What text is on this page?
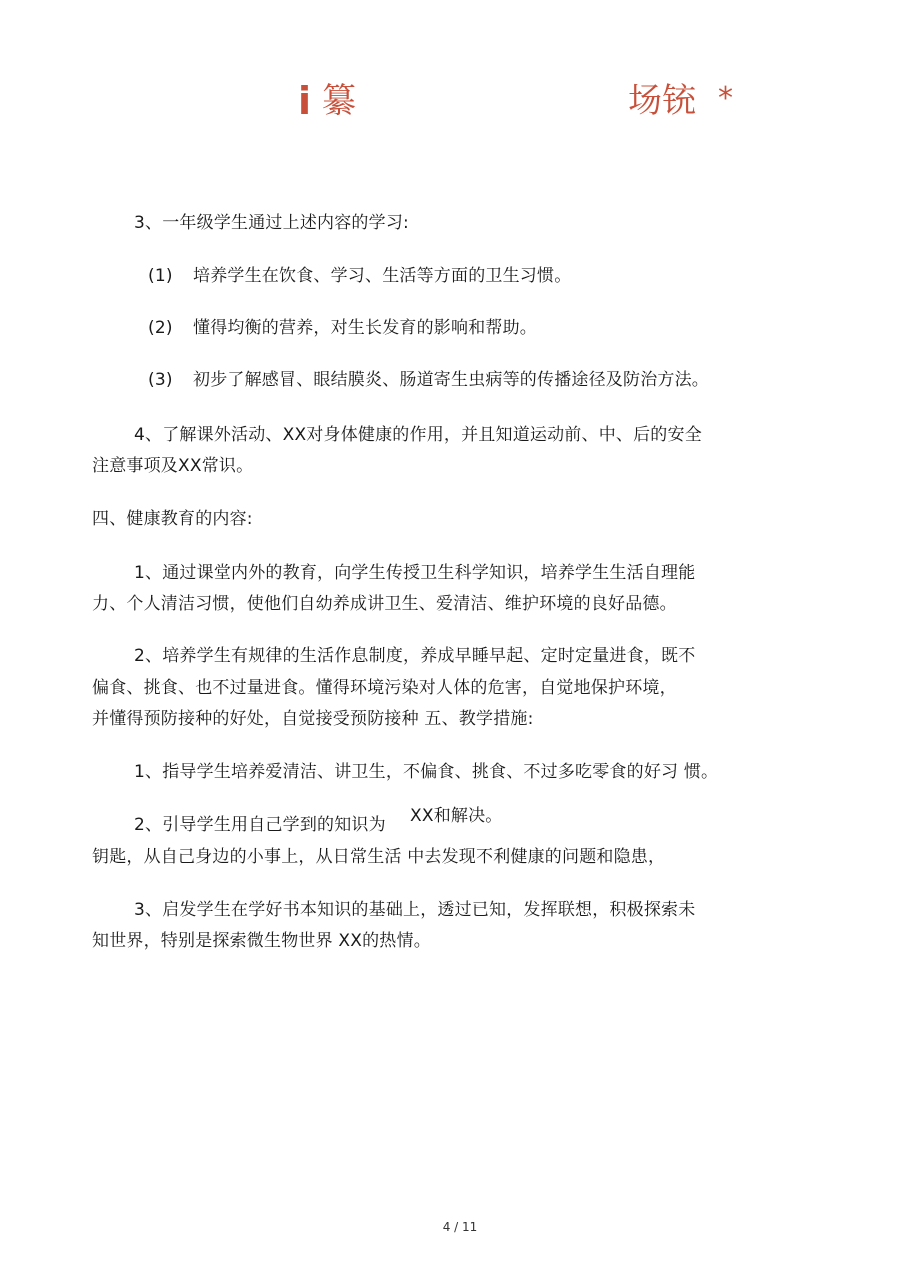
i 纂	场铳 *
3、一年级学生通过上述内容的学习:
(1) 培养学生在饮食、学习、生活等方面的卫生习惯。
(2) 懂得均衡的营养，对生长发育的影响和帮助。
(3) 初步了解感冒、眼结膜炎、肠道寄生虫病等的传播途径及防治方法。
4、了解课外活动、XX对身体健康的作用，并且知道运动前、中、后的安全
注意事项及XX常识。
四、健康教育的内容:
1、通过课堂内外的教育，向学生传授卫生科学知识，培养学生生活自理能
力、个人清洁习惯，使他们自幼养成讲卫生、爱清洁、维护环境的良好品德。
2、培养学生有规律的生活作息制度，养成早睡早起、定时定量进食，既不
偏食、挑食、也不过量进食。懂得环境污染对人体的危害，自觉地保护环境，
并懂得预防接种的好处，自觉接受预防接种 五、教学措施:
1、指导学生培养爱清洁、讲卫生，不偏食、挑食、不过多吃零食的好习 惯。
2、引导学生用自己学到的知识为 XX和解决。
钥匙，从自己身边的小事上，从日常生活 中去发现不利健康的问题和隐患，
3、启发学生在学好书本知识的基础上，透过已知，发挥联想，积极探索未
知世界，特别是探索微生物世界 XX的热情。
4 / 11
